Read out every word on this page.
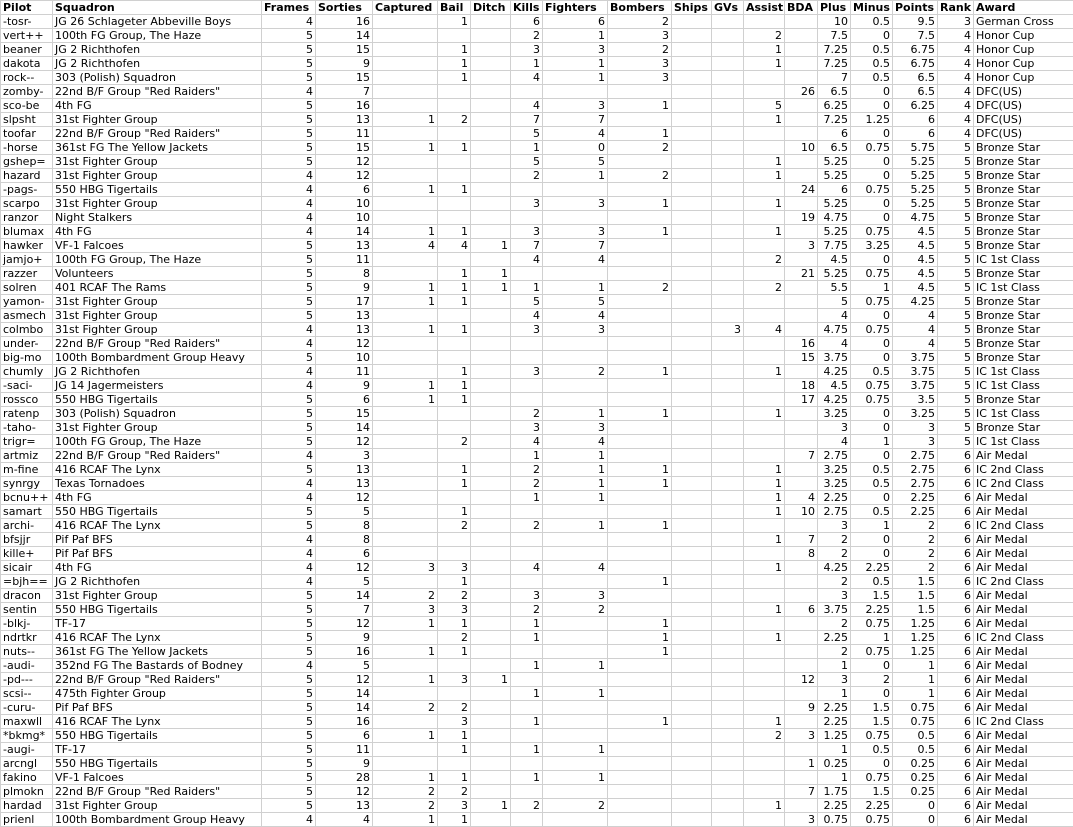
Pilot	Squadron	Frames	Sorties	Captured	Bail	Ditch	Kills	Fighters	Bombers	Ships	GVs	Assist	BDA	Plus	Minus	Points	Rank	Award
-tosr-	JG 26 Schlageter Abbeville Boys	4	16		1		6	6	2					10	0.5	9.5	3	German Cross
vert++	100th FG Group, The Haze	5	14				2	1	3			2		7.5	0	7.5	4	Honor Cup
beaner	JG 2 Richthofen	5	15		1		3	3	2			1		7.25	0.5	6.75	4	Honor Cup
dakota	JG 2 Richthofen	5	9		1		1	1	3			1		7.25	0.5	6.75	4	Honor Cup
rock--	303 (Polish) Squadron	5	15		1		4	1	3					7	0.5	6.5	4	Honor Cup
zomby-	22nd B/F Group "Red Raiders"	4	7										26	6.5	0	6.5	4	DFC(US)
sco-be	4th FG	5	16				4	3	1			5		6.25	0	6.25	4	DFC(US)
slpsht	31st Fighter Group	5	13	1	2		7	7				1		7.25	1.25	6	4	DFC(US)
toofar	22nd B/F Group "Red Raiders"	5	11				5	4	1					6	0	6	4	DFC(US)
-horse	361st FG The Yellow Jackets	5	15	1	1		1	0	2				10	6.5	0.75	5.75	5	Bronze Star
gshep=	31st Fighter Group	5	12				5	5				1		5.25	0	5.25	5	Bronze Star
hazard	31st Fighter Group	4	12				2	1	2			1		5.25	0	5.25	5	Bronze Star
-pags-	550 HBG Tigertails	4	6	1	1								24	6	0.75	5.25	5	Bronze Star
scarpo	31st Fighter Group	4	10				3	3	1			1		5.25	0	5.25	5	Bronze Star
ranzor	Night Stalkers	4	10										19	4.75	0	4.75	5	Bronze Star
blumax	4th FG	4	14	1	1		3	3	1			1		5.25	0.75	4.5	5	Bronze Star
hawker	VF-1 Falcoes	5	13	4	4	1	7	7					3	7.75	3.25	4.5	5	Bronze Star
jamjo+	100th FG Group, The Haze	5	11				4	4				2		4.5	0	4.5	5	IC 1st Class
razzer	Volunteers	5	8		1	1							21	5.25	0.75	4.5	5	Bronze Star
solren	401 RCAF The Rams	5	9	1	1	1	1	1	2			2		5.5	1	4.5	5	IC 1st Class
yamon-	31st Fighter Group	5	17	1	1		5	5						5	0.75	4.25	5	Bronze Star
asmech	31st Fighter Group	5	13				4	4						4	0	4	5	Bronze Star
colmbo	31st Fighter Group	4	13	1	1		3	3			3	4		4.75	0.75	4	5	Bronze Star
under-	22nd B/F Group "Red Raiders"	4	12										16	4	0	4	5	Bronze Star
big-mo	100th Bombardment Group Heavy	5	10										15	3.75	0	3.75	5	Bronze Star
chumly	JG 2 Richthofen	4	11		1		3	2	1			1		4.25	0.5	3.75	5	IC 1st Class
-saci-	JG 14 Jagermeisters	4	9	1	1								18	4.5	0.75	3.75	5	IC 1st Class
rossco	550 HBG Tigertails	5	6	1	1								17	4.25	0.75	3.5	5	Bronze Star
ratenp	303 (Polish) Squadron	5	15				2	1	1			1		3.25	0	3.25	5	IC 1st Class
-taho-	31st Fighter Group	5	14				3	3						3	0	3	5	Bronze Star
trigr=	100th FG Group, The Haze	5	12		2		4	4						4	1	3	5	IC 1st Class
artmiz	22nd B/F Group "Red Raiders"	4	3				1	1					7	2.75	0	2.75	6	Air Medal
m-fine	416 RCAF The Lynx	5	13		1		2	1	1			1		3.25	0.5	2.75	6	IC 2nd Class
synrgy	Texas Tornadoes	4	13		1		2	1	1			1		3.25	0.5	2.75	6	IC 2nd Class
bcnu++	4th FG	4	12				1	1				1	4	2.25	0	2.25	6	Air Medal
samart	550 HBG Tigertails	5	5		1							1	10	2.75	0.5	2.25	6	Air Medal
archi-	416 RCAF The Lynx	5	8		2		2	1	1					3	1	2	6	IC 2nd Class
bfsjjr	Pif Paf BFS	4	8									1	7	2	0	2	6	Air Medal
kille+	Pif Paf BFS	4	6										8	2	0	2	6	Air Medal
sicair	4th FG	4	12	3	3		4	4				1		4.25	2.25	2	6	Air Medal
=bjh==	JG 2 Richthofen	4	5		1				1					2	0.5	1.5	6	IC 2nd Class
dracon	31st Fighter Group	5	14	2	2		3	3						3	1.5	1.5	6	Air Medal
sentin	550 HBG Tigertails	5	7	3	3		2	2				1	6	3.75	2.25	1.5	6	Air Medal
-blkj-	TF-17	5	12	1	1		1		1					2	0.75	1.25	6	Air Medal
ndrtkr	416 RCAF The Lynx	5	9		2		1		1			1		2.25	1	1.25	6	IC 2nd Class
nuts--	361st FG The Yellow Jackets	5	16	1	1				1					2	0.75	1.25	6	Air Medal
-audi-	352nd FG The Bastards of Bodney	4	5				1	1						1	0	1	6	Air Medal
-pd---	22nd B/F Group "Red Raiders"	5	12	1	3	1							12	3	2	1	6	Air Medal
scsi--	475th Fighter Group	5	14				1	1						1	0	1	6	Air Medal
-curu-	Pif Paf BFS	5	14	2	2								9	2.25	1.5	0.75	6	Air Medal
maxwll	416 RCAF The Lynx	5	16		3		1		1			1		2.25	1.5	0.75	6	IC 2nd Class
*bkmg*	550 HBG Tigertails	5	6	1	1							2	3	1.25	0.75	0.5	6	Air Medal
-augi-	TF-17	5	11		1		1	1						1	0.5	0.5	6	Air Medal
arcngl	550 HBG Tigertails	5	9										1	0.25	0	0.25	6	Air Medal
fakino	VF-1 Falcoes	5	28	1	1		1	1						1	0.75	0.25	6	Air Medal
plmokn	22nd B/F Group "Red Raiders"	5	12	2	2								7	1.75	1.5	0.25	6	Air Medal
hardad	31st Fighter Group	5	13	2	3	1	2	2				1		2.25	2.25	0	6	Air Medal
prienl	100th Bombardment Group Heavy	4	4	1	1								3	0.75	0.75	0	6	Air Medal
